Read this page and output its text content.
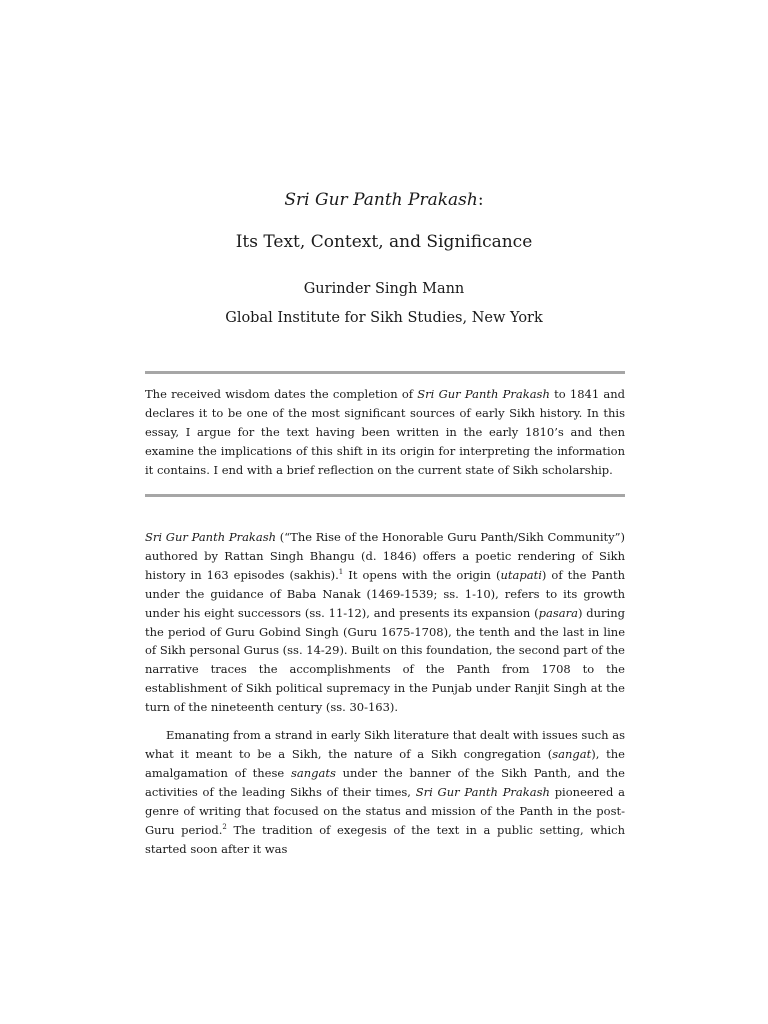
Sri Gur Panth Prakash:

Its Text, Context, and Significance

Gurinder Singh Mann

Global Institute for Sikh Studies, New York

The received wisdom dates the completion of Sri Gur Panth Prakash to 1841 and declares it to be one of the most significant sources of early Sikh history. In this essay, I argue for the text having been written in the early 1810’s and then examine the implications of this shift in its origin for interpreting the information it contains. I end with a brief reflection on the current state of Sikh scholarship.

Sri Gur Panth Prakash (“The Rise of the Honorable Guru Panth/Sikh Community”) authored by Rattan Singh Bhangu (d. 1846) offers a poetic rendering of Sikh history in 163 episodes (sakhis).$^1$ It opens with the origin (utapati) of the Panth under the guidance of Baba Nanak (1469-1539; ss. 1-10), refers to its growth under his eight successors (ss. 11-12), and presents its expansion (pasara) during the period of Guru Gobind Singh (Guru 1675-1708), the tenth and the last in line of Sikh personal Gurus (ss. 14-29). Built on this foundation, the second part of the narrative traces the accomplishments of the Panth from 1708 to the establishment of Sikh political supremacy in the Punjab under Ranjit Singh at the turn of the nineteenth century (ss. 30-163).

Emanating from a strand in early Sikh literature that dealt with issues such as what it meant to be a Sikh, the nature of a Sikh congregation (sangat), the amalgamation of these sangats under the banner of the Sikh Panth, and the activities of the leading Sikhs of their times, Sri Gur Panth Prakash pioneered a genre of writing that focused on the status and mission of the Panth in the post-Guru period.$^2$ The tradition of exegesis of the text in a public setting, which started soon after it was
